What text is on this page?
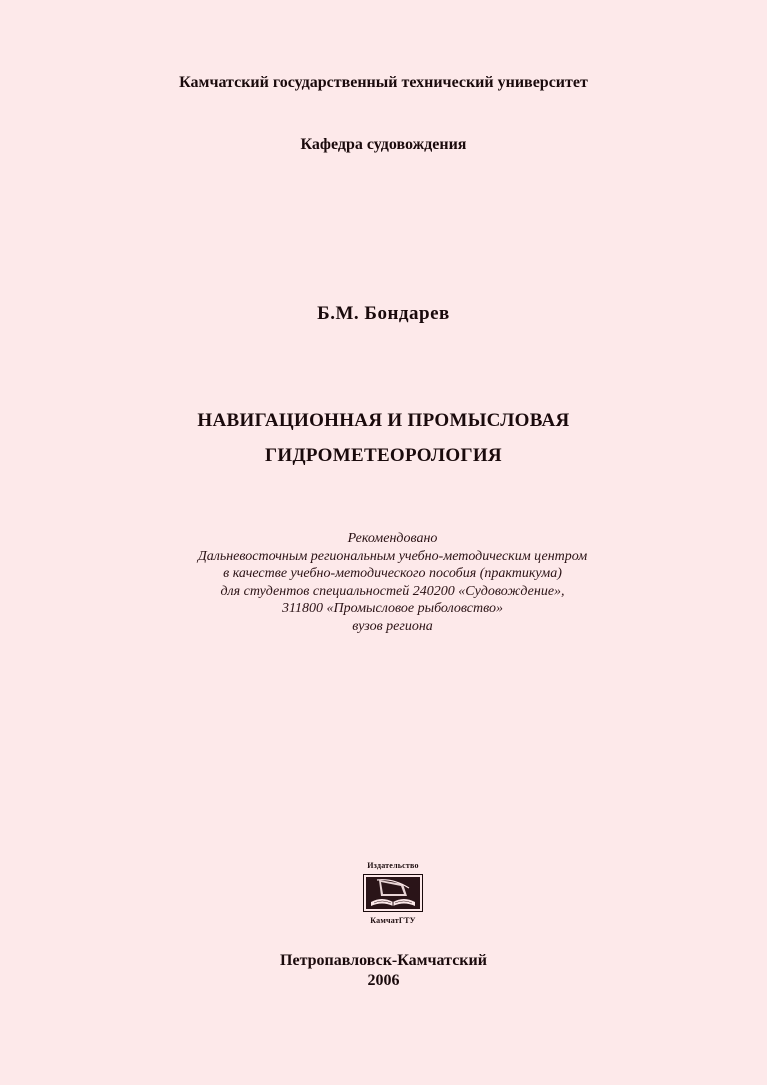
Камчатский государственный технический университет
Кафедра судовождения
Б.М. Бондарев
НАВИГАЦИОННАЯ И ПРОМЫСЛОВАЯ
ГИДРОМЕТЕОРОЛОГИЯ
Рекомендовано
Дальневосточным региональным учебно-методическим центром
в качестве учебно-методического пособия (практикума)
для студентов специальностей 240200 «Судовождение»,
311800 «Промысловое рыболовство»
вузов региона
Издательство
КамчатГТУ
Петропавловск-Камчатский
2006
